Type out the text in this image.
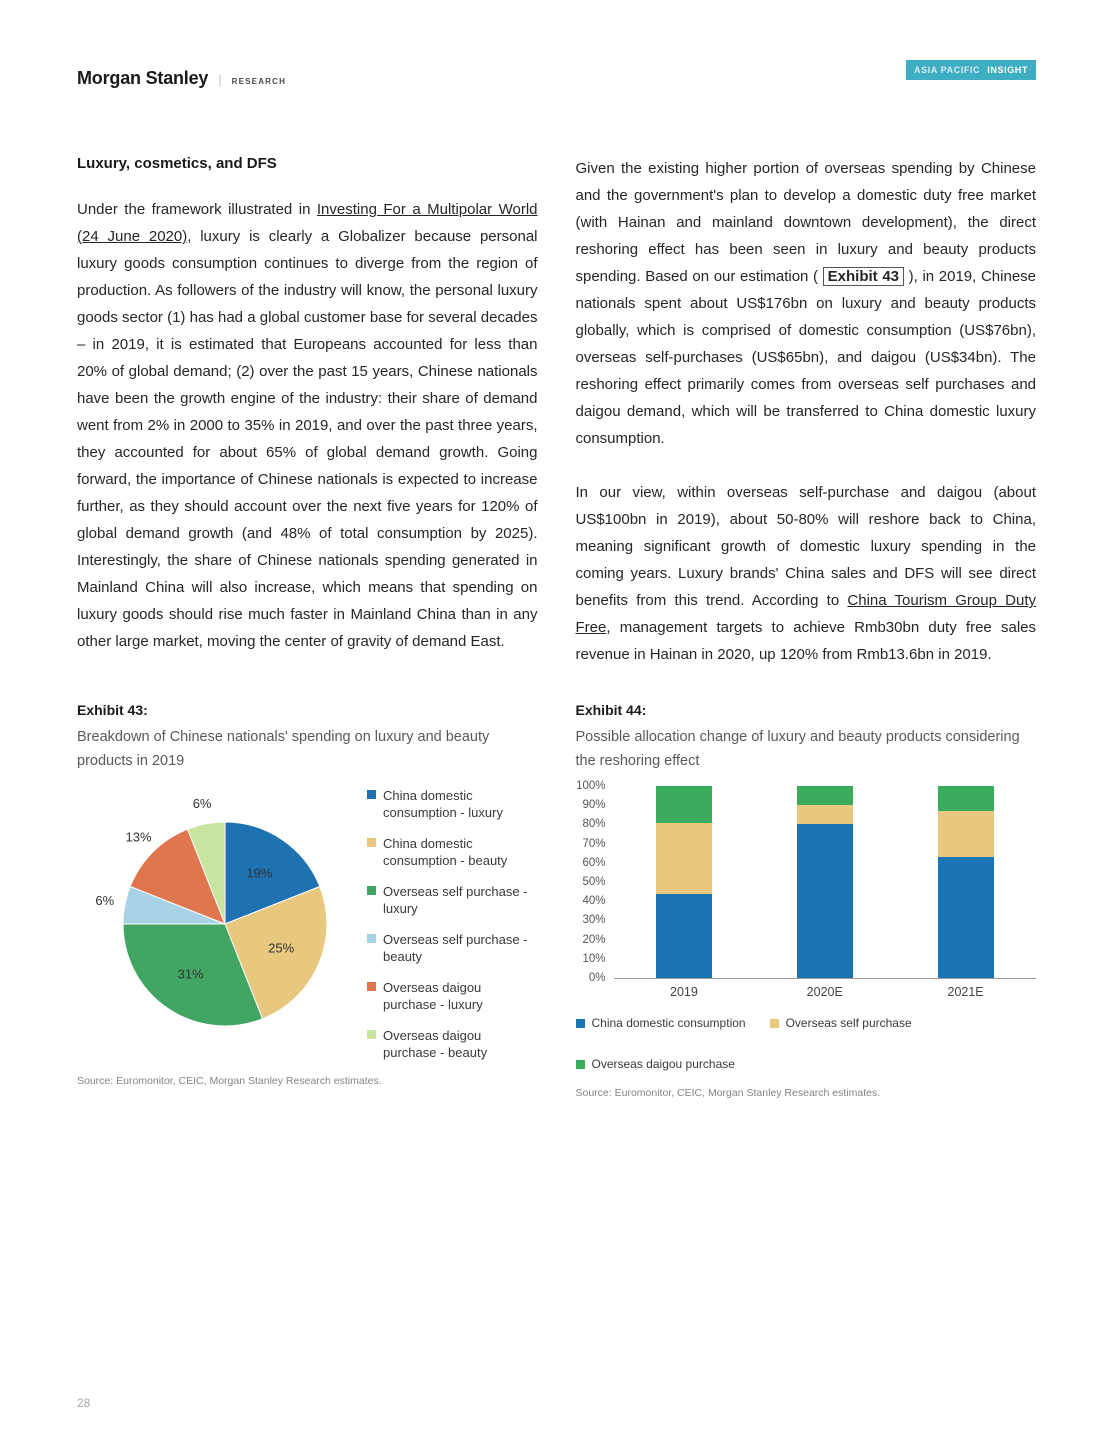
Morgan Stanley | RESEARCH
ASIA PACIFIC INSIGHT
Luxury, cosmetics, and DFS

Under the framework illustrated in Investing For a Multipolar World (24 June 2020), luxury is clearly a Globalizer because personal luxury goods consumption continues to diverge from the region of production. As followers of the industry will know, the personal luxury goods sector (1) has had a global customer base for several decades – in 2019, it is estimated that Europeans accounted for less than 20% of global demand; (2) over the past 15 years, Chinese nationals have been the growth engine of the industry: their share of demand went from 2% in 2000 to 35% in 2019, and over the past three years, they accounted for about 65% of global demand growth. Going forward, the importance of Chinese nationals is expected to increase further, as they should account over the next five years for 120% of global demand growth (and 48% of total consumption by 2025). Interestingly, the share of Chinese nationals spending generated in Mainland China will also increase, which means that spending on luxury goods should rise much faster in Mainland China than in any other large market, moving the center of gravity of demand East.

Given the existing higher portion of overseas spending by Chinese and the government's plan to develop a domestic duty free market (with Hainan and mainland downtown development), the direct reshoring effect has been seen in luxury and beauty products spending. Based on our estimation ( Exhibit 43 ), in 2019, Chinese nationals spent about US$176bn on luxury and beauty products globally, which is comprised of domestic consumption (US$76bn), overseas self-purchases (US$65bn), and daigou (US$34bn). The reshoring effect primarily comes from overseas self purchases and daigou demand, which will be transferred to China domestic luxury consumption.

In our view, within overseas self-purchase and daigou (about US$100bn in 2019), about 50-80% will reshore back to China, meaning significant growth of domestic luxury spending in the coming years. Luxury brands' China sales and DFS will see direct benefits from this trend. According to China Tourism Group Duty Free, management targets to achieve Rmb30bn duty free sales revenue in Hainan in 2020, up 120% from Rmb13.6bn in 2019.

Exhibit 43:

Breakdown of Chinese nationals' spending on luxury and beauty products in 2019

19%
25%
31%
6%
13%
6%
China domestic consumption - luxury
China domestic consumption - beauty
Overseas self purchase - luxury
Overseas self purchase - beauty
Overseas daigou purchase - luxury
Overseas daigou purchase - beauty

Source: Euromonitor, CEIC, Morgan Stanley Research estimates.

Exhibit 44:

Possible allocation change of luxury and beauty products considering the reshoring effect

0%
10%
20%
30%
40%
50%
60%
70%
80%
90%
100%
2019	2020E	2021E
China domestic consumption	Overseas self purchase
Overseas daigou purchase

Source: Euromonitor, CEIC, Morgan Stanley Research estimates.

28
